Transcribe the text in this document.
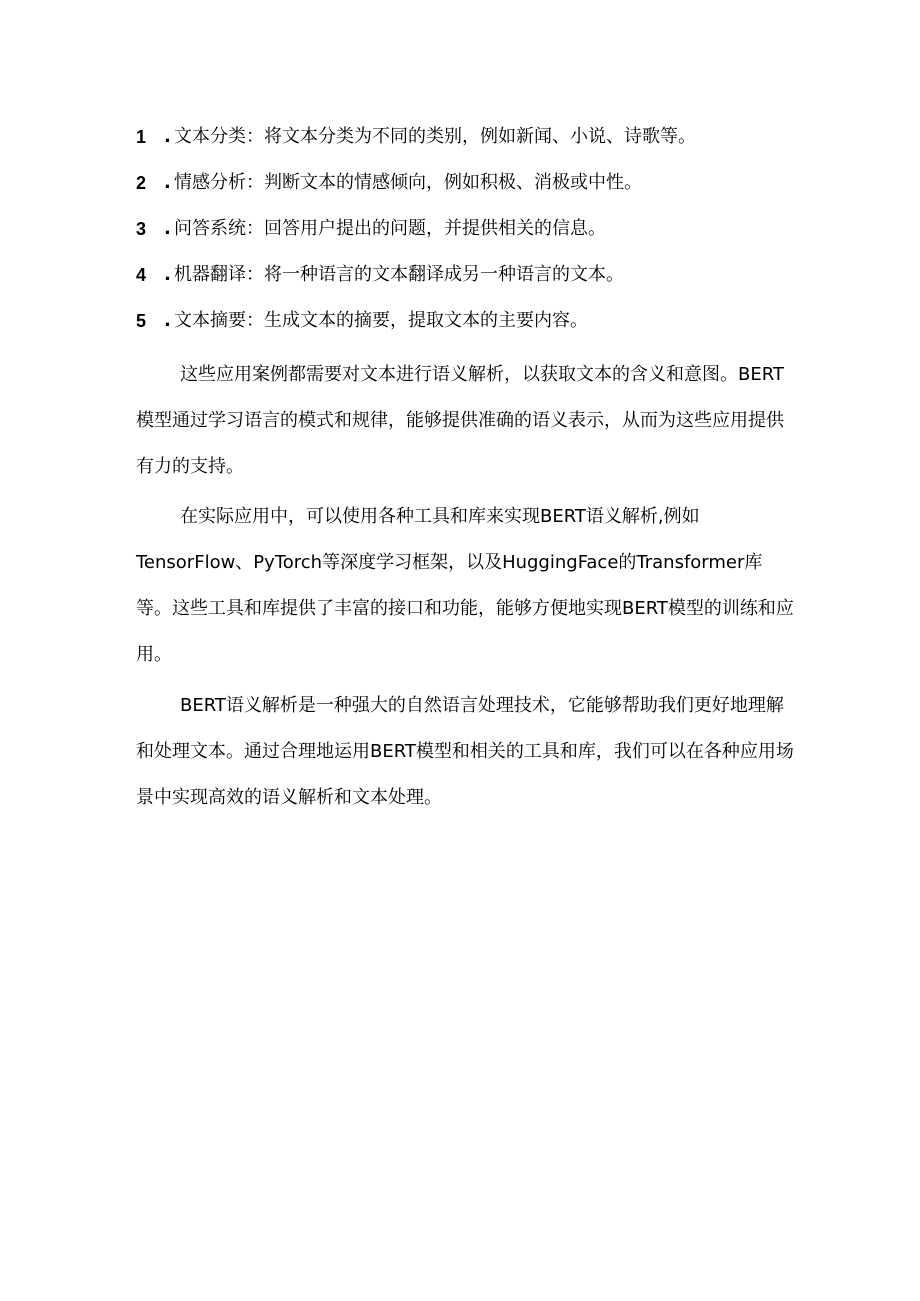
1 . 文本分类：将文本分类为不同的类别，例如新闻、小说、诗歌等。
2 . 情感分析：判断文本的情感倾向，例如积极、消极或中性。
3 . 问答系统：回答用户提出的问题，并提供相关的信息。
4 . 机器翻译：将一种语言的文本翻译成另一种语言的文本。
5 . 文本摘要：生成文本的摘要，提取文本的主要内容。

这些应用案例都需要对文本进行语义解析，以获取文本的含义和意图。BERT模型通过学习语言的模式和规律，能够提供准确的语义表示，从而为这些应用提供有力的支持。

在实际应用中，可以使用各种工具和库来实现BERT语义解析,例如TensorFlow、PyTorch等深度学习框架，以及HuggingFace的Transformer库等。这些工具和库提供了丰富的接口和功能，能够方便地实现BERT模型的训练和应用。

BERT语义解析是一种强大的自然语言处理技术，它能够帮助我们更好地理解和处理文本。通过合理地运用BERT模型和相关的工具和库，我们可以在各种应用场景中实现高效的语义解析和文本处理。
